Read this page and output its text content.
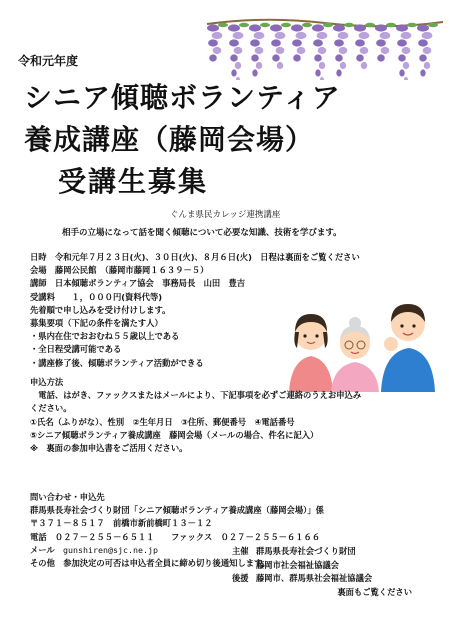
令和元年度
シニア傾聴ボランティア
養成講座（藤岡会場）
受講生募集
ぐんま県民カレッジ連携講座
相手の立場になって話を聞く傾聴について必要な知識、技術を学びます。
日時　令和元年７月２３日(火)、３０日(火)、８月６日(火)　日程は裏面をご覧ください
会場　藤岡公民館　（藤岡市藤岡１６３９－５）
講師　日本傾聴ボランティア協会　事務局長　山田　豊吉
受講料　　１，０００円(資料代等)
先着順で申し込みを受け付けします。
募集要項（下記の条件を満たす人）
・県内在住でおおむね５５歳以上である
・全日程受講可能である
・講座修了後、傾聴ボランティア活動ができる
申込方法
　電話、はがき、ファックスまたはメールにより、下記事項を必ずご連絡のうえお申込み
ください。
①氏名（ふりがな）、性別　②生年月日　③住所、郵便番号　④電話番号
⑤シニア傾聴ボランティア養成講座　藤岡会場（メールの場合、件名に記入）
※　裏面の参加申込書をご活用ください。
問い合わせ・申込先
群馬県長寿社会づくり財団「シニア傾聴ボランティア養成講座（藤岡会場）」係
〒３７１－８５１７　前橋市新前橋町１３－１２
電話　０２７－２５５－６５１１　　ファックス　０２７－２５５－６１６６
メール　gunshiren@sjc.ne.jp
その他　参加決定の可否は申込者全員に締め切り後通知します。
主催 群馬県長寿社会づくり財団
藤岡市社会福祉協議会
後援 藤岡市、群馬県社会福祉協議会
裏面もご覧ください
